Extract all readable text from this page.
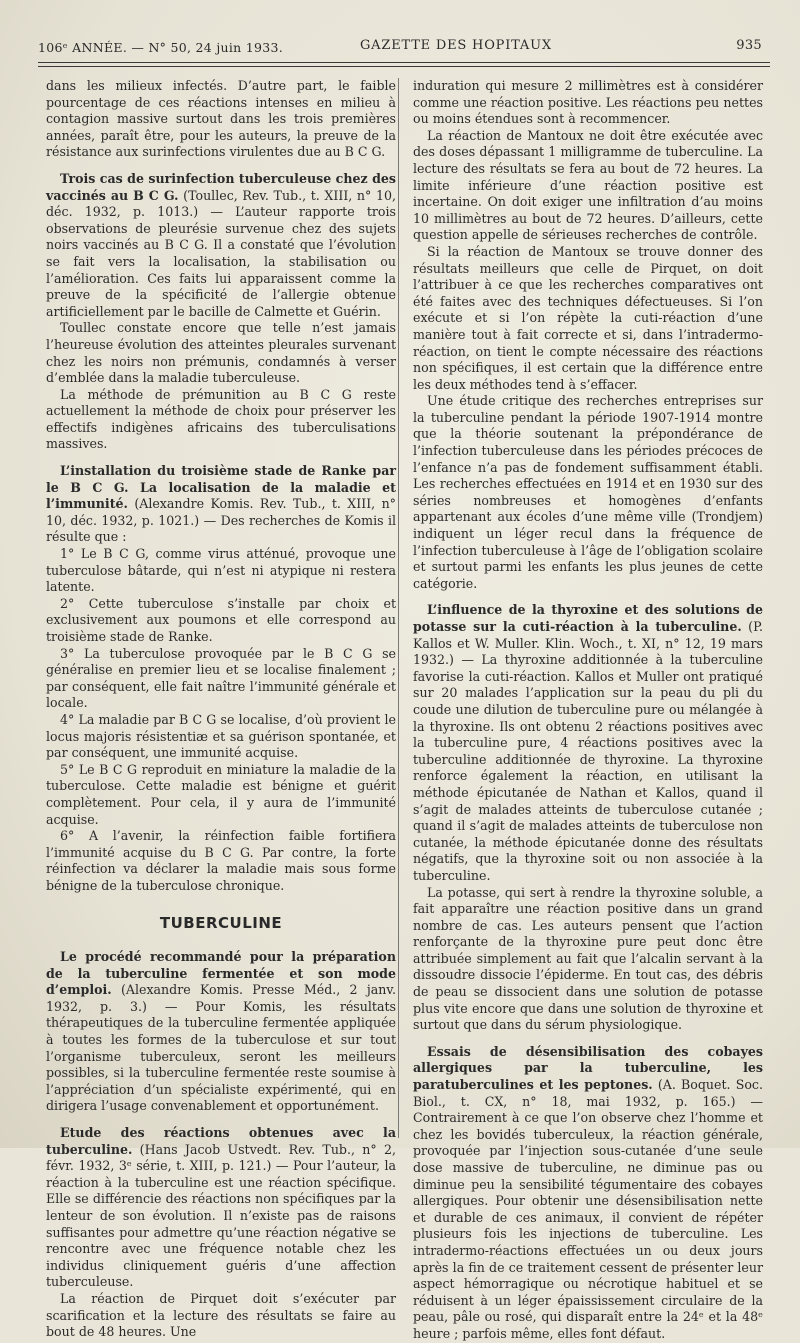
106ᵉ ANNÉE. — N° 50, 24 juin 1933.	GAZETTE DES HOPITAUX	935

dans les milieux infectés. D’autre part, le faible pourcentage de ces réactions intenses en milieu à contagion massive surtout dans les trois premières années, paraît être, pour les auteurs, la preuve de la résistance aux surinfections virulentes due au B C G.

Trois cas de surinfection tuberculeuse chez des vaccinés au B C G. (Toullec, Rev. Tub., t. XIII, n° 10, déc. 1932, p. 1013.) — L’auteur rapporte trois observations de pleurésie survenue chez des sujets noirs vaccinés au B C G. Il a constaté que l’évolution se fait vers la localisation, la stabilisation ou l’amélioration. Ces faits lui apparaissent comme la preuve de la spécificité de l’allergie obtenue artificiellement par le bacille de Calmette et Guérin.

Toullec constate encore que telle n’est jamais l’heureuse évolution des atteintes pleurales survenant chez les noirs non prémunis, condamnés à verser d’emblée dans la maladie tuberculeuse.

La méthode de prémunition au B C G reste actuellement la méthode de choix pour préserver les effectifs indigènes africains des tuberculisations massives.

L’installation du troisième stade de Ranke par le B C G. La localisation de la maladie et l’immunité. (Alexandre Komis. Rev. Tub., t. XIII, n° 10, déc. 1932, p. 1021.) — Des recherches de Komis il résulte que :

1° Le B C G, comme virus atténué, provoque une tuberculose bâtarde, qui n’est ni atypique ni restera latente.

2° Cette tuberculose s’installe par choix et exclusivement aux poumons et elle correspond au troisième stade de Ranke.

3° La tuberculose provoquée par le B C G se généralise en premier lieu et se localise finalement ; par conséquent, elle fait naître l’immunité générale et locale.

4° La maladie par B C G se localise, d’où provient le locus majoris résistentiæ et sa guérison spontanée, et par conséquent, une immunité acquise.

5° Le B C G reproduit en miniature la maladie de la tuberculose. Cette maladie est bénigne et guérit complètement. Pour cela, il y aura de l’immunité acquise.

6° A l’avenir, la réinfection faible fortifiera l’immunité acquise du B C G. Par contre, la forte réinfection va déclarer la maladie mais sous forme bénigne de la tuberculose chronique.

TUBERCULINE

Le procédé recommandé pour la préparation de la tuberculine fermentée et son mode d’emploi. (Alexandre Komis. Presse Méd., 2 janv. 1932, p. 3.) — Pour Komis, les résultats thérapeutiques de la tuberculine fermentée appliquée à toutes les formes de la tuberculose et sur tout l’organisme tuberculeux, seront les meilleurs possibles, si la tuberculine fermentée reste soumise à l’appréciation d’un spécialiste expérimenté, qui en dirigera l’usage convenablement et opportunément.

Etude des réactions obtenues avec la tuberculine. (Hans Jacob Ustvedt. Rev. Tub., n° 2, févr. 1932, 3ᵉ série, t. XIII, p. 121.) — Pour l’auteur, la réaction à la tuberculine est une réaction spécifique. Elle se différencie des réactions non spécifiques par la lenteur de son évolution. Il n’existe pas de raisons suffisantes pour admettre qu’une réaction négative se rencontre avec une fréquence notable chez les individus cliniquement guéris d’une affection tuberculeuse.

La réaction de Pirquet doit s’exécuter par scarification et la lecture des résultats se faire au bout de 48 heures. Une

induration qui mesure 2 millimètres est à considérer comme une réaction positive. Les réactions peu nettes ou moins étendues sont à recommencer.

La réaction de Mantoux ne doit être exécutée avec des doses dépassant 1 milligramme de tuberculine. La lecture des résultats se fera au bout de 72 heures. La limite inférieure d’une réaction positive est incertaine. On doit exiger une infiltration d’au moins 10 millimètres au bout de 72 heures. D’ailleurs, cette question appelle de sérieuses recherches de contrôle.

Si la réaction de Mantoux se trouve donner des résultats meilleurs que celle de Pirquet, on doit l’attribuer à ce que les recherches comparatives ont été faites avec des techniques défectueuses. Si l’on exécute et si l’on répète la cuti-réaction d’une manière tout à fait correcte et si, dans l’intradermo-réaction, on tient le compte nécessaire des réactions non spécifiques, il est certain que la différence entre les deux méthodes tend à s’effacer.

Une étude critique des recherches entreprises sur la tuberculine pendant la période 1907-1914 montre que la théorie soutenant la prépondérance de l’infection tuberculeuse dans les périodes précoces de l’enfance n’a pas de fondement suffisamment établi. Les recherches effectuées en 1914 et en 1930 sur des séries nombreuses et homogènes d’enfants appartenant aux écoles d’une même ville (Trondjem) indiquent un léger recul dans la fréquence de l’infection tuberculeuse à l’âge de l’obligation scolaire et surtout parmi les enfants les plus jeunes de cette catégorie.

L’influence de la thyroxine et des solutions de potasse sur la cuti-réaction à la tuberculine. (P. Kallos et W. Muller. Klin. Woch., t. XI, n° 12, 19 mars 1932.) — La thyroxine additionnée à la tuberculine favorise la cuti-réaction. Kallos et Muller ont pratiqué sur 20 malades l’application sur la peau du pli du coude une dilution de tuberculine pure ou mélangée à la thyroxine. Ils ont obtenu 2 réactions positives avec la tuberculine pure, 4 réactions positives avec la tuberculine additionnée de thyroxine. La thyroxine renforce également la réaction, en utilisant la méthode épicutanée de Nathan et Kallos, quand il s’agit de malades atteints de tuberculose cutanée ; quand il s’agit de malades atteints de tuberculose non cutanée, la méthode épicutanée donne des résultats négatifs, que la thyroxine soit ou non associée à la tuberculine.

La potasse, qui sert à rendre la thyroxine soluble, a fait apparaître une réaction positive dans un grand nombre de cas. Les auteurs pensent que l’action renforçante de la thyroxine pure peut donc être attribuée simplement au fait que l’alcalin servant à la dissoudre dissocie l’épiderme. En tout cas, des débris de peau se dissocient dans une solution de potasse plus vite encore que dans une solution de thyroxine et surtout que dans du sérum physiologique.

Essais de désensibilisation des cobayes allergiques par la tuberculine, les paratuberculines et les peptones. (A. Boquet. Soc. Biol., t. CX, n° 18, mai 1932, p. 165.) — Contrairement à ce que l’on observe chez l’homme et chez les bovidés tuberculeux, la réaction générale, provoquée par l’injection sous-cutanée d’une seule dose massive de tuberculine, ne diminue pas ou diminue peu la sensibilité tégumentaire des cobayes allergiques. Pour obtenir une désensibilisation nette et durable de ces animaux, il convient de répéter plusieurs fois les injections de tuberculine. Les intradermo-réactions effectuées un ou deux jours après la fin de ce traitement cessent de présenter leur aspect hémorragique ou nécrotique habituel et se réduisent à un léger épaississement circulaire de la peau, pâle ou rosé, qui disparaît entre la 24ᵉ et la 48ᵉ heure ; parfois même, elles font défaut.
